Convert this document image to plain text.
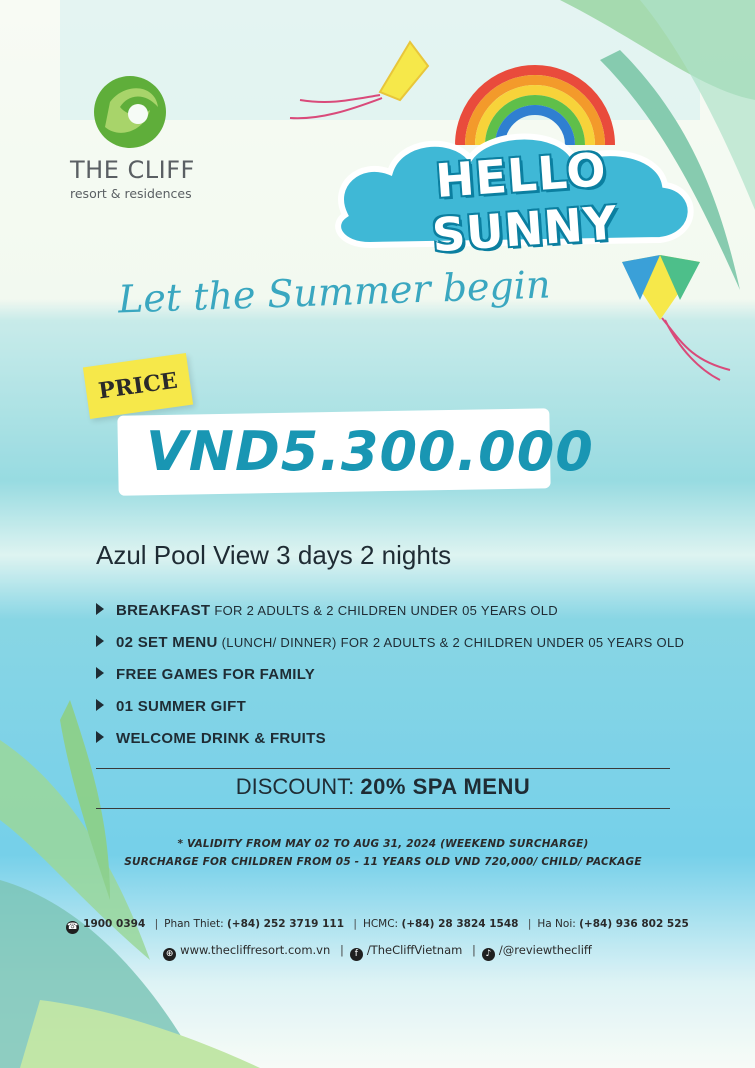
THE CLIFF
resort & residences	HELLO SUNNY
Let the Summer begin
PRICE
VND5.300.000
Azul Pool View 3 days 2 nights
BREAKFAST FOR 2 ADULTS & 2 CHILDREN UNDER 05 YEARS OLD
02 SET MENU (LUNCH/ DINNER) FOR 2 ADULTS & 2 CHILDREN UNDER 05 YEARS OLD
FREE GAMES FOR FAMILY
01 SUMMER GIFT
WELCOME DRINK & FRUITS
DISCOUNT: 20% SPA MENU
* VALIDITY FROM MAY 02 TO AUG 31, 2024 (WEEKEND SURCHARGE)
SURCHARGE FOR CHILDREN FROM 05 - 11 YEARS OLD VND 720,000/ CHILD/ PACKAGE
☎ 1900 0394 | Phan Thiet: (+84) 252 3719 111 | HCMC: (+84) 28 3824 1548 | Ha Noi: (+84) 936 802 525
⊕ www.thecliffresort.com.vn | f /TheCliffVietnam | ♪ /@reviewthecliff
